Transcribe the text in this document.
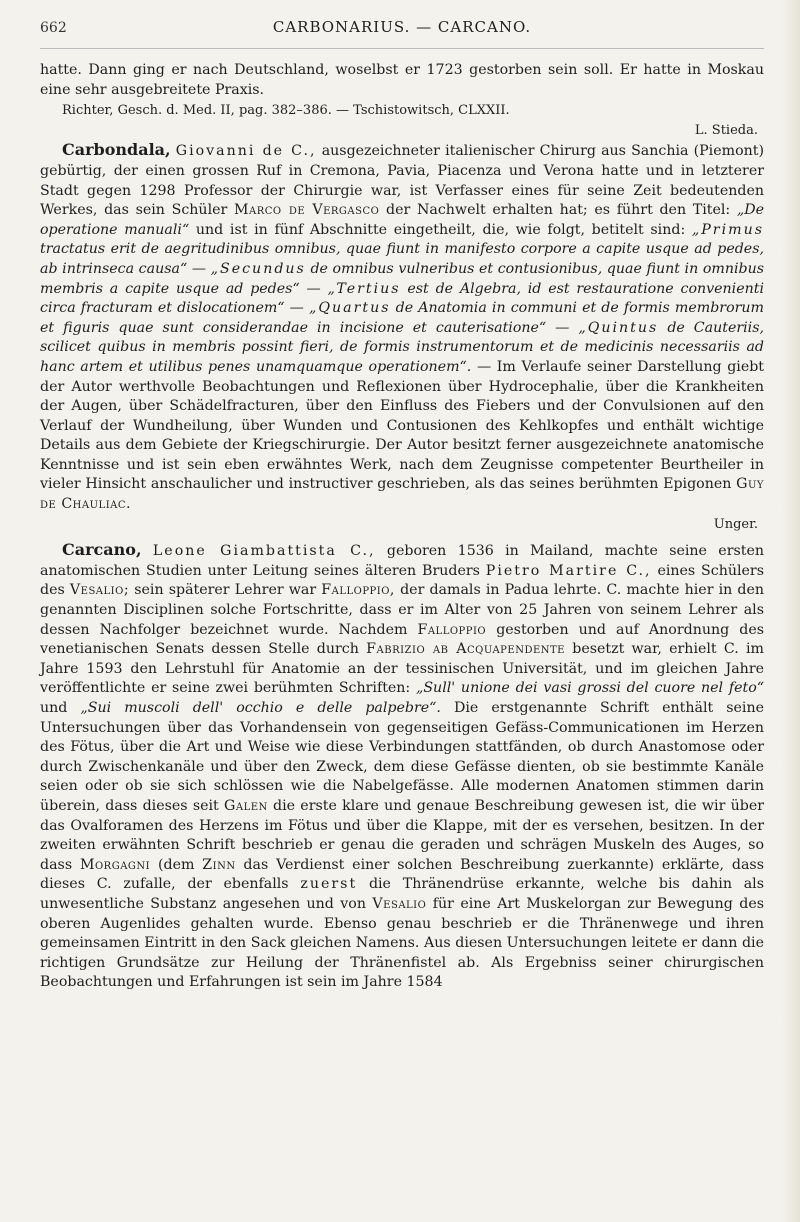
662	CARBONARIUS. — CARCANO.

hatte. Dann ging er nach Deutschland, woselbst er 1723 gestorben sein soll. Er hatte in Moskau eine sehr ausgebreitete Praxis.

Richter, Gesch. d. Med. II, pag. 382–386. — Tschistowitsch, CLXXII.

L. Stieda.

Carbondala, Giovanni de C., ausgezeichneter italienischer Chirurg aus Sanchia (Piemont) gebürtig, der einen grossen Ruf in Cremona, Pavia, Piacenza und Verona hatte und in letzterer Stadt gegen 1298 Professor der Chirurgie war, ist Verfasser eines für seine Zeit bedeutenden Werkes, das sein Schüler Marco de Vergasco der Nachwelt erhalten hat; es führt den Titel: „De operatione manuali“ und ist in fünf Abschnitte eingetheilt, die, wie folgt, betitelt sind: „Primus tractatus erit de aegritudinibus omnibus, quae fiunt in manifesto corpore a capite usque ad pedes, ab intrinseca causa“ — „Secundus de omnibus vulneribus et contusionibus, quae fiunt in omnibus membris a capite usque ad pedes“ — „Tertius est de Algebra, id est restauratione convenienti circa fracturam et dislocationem“ — „Quartus de Anatomia in communi et de formis membrorum et figuris quae sunt considerandae in incisione et cauterisatione“ — „Quintus de Cauteriis, scilicet quibus in membris possint fieri, de formis instrumentorum et de medicinis necessariis ad hanc artem et utilibus penes unamquamque operationem“. — Im Verlaufe seiner Darstellung giebt der Autor werthvolle Beobachtungen und Reflexionen über Hydrocephalie, über die Krankheiten der Augen, über Schädelfracturen, über den Einfluss des Fiebers und der Convulsionen auf den Verlauf der Wundheilung, über Wunden und Contusionen des Kehlkopfes und enthält wichtige Details aus dem Gebiete der Kriegschirurgie. Der Autor besitzt ferner ausgezeichnete anatomische Kenntnisse und ist sein eben erwähntes Werk, nach dem Zeugnisse competenter Beurtheiler in vieler Hinsicht anschaulicher und instructiver geschrieben, als das seines berühmten Epigonen Guy de Chauliac.

Unger.

Carcano, Leone Giambattista C., geboren 1536 in Mailand, machte seine ersten anatomischen Studien unter Leitung seines älteren Bruders Pietro Martire C., eines Schülers des Vesalio; sein späterer Lehrer war Falloppio, der damals in Padua lehrte. C. machte hier in den genannten Disciplinen solche Fortschritte, dass er im Alter von 25 Jahren von seinem Lehrer als dessen Nachfolger bezeichnet wurde. Nachdem Falloppio gestorben und auf Anordnung des venetianischen Senats dessen Stelle durch Fabrizio ab Acquapendente besetzt war, erhielt C. im Jahre 1593 den Lehrstuhl für Anatomie an der tessinischen Universität, und im gleichen Jahre veröffentlichte er seine zwei berühmten Schriften: „Sull' unione dei vasi grossi del cuore nel feto“ und „Sui muscoli dell' occhio e delle palpebre“. Die erstgenannte Schrift enthält seine Untersuchungen über das Vorhandensein von gegenseitigen Gefäss-Communicationen im Herzen des Fötus, über die Art und Weise wie diese Verbindungen stattfänden, ob durch Anastomose oder durch Zwischenkanäle und über den Zweck, dem diese Gefässe dienten, ob sie bestimmte Kanäle seien oder ob sie sich schlössen wie die Nabelgefässe. Alle modernen Anatomen stimmen darin überein, dass dieses seit Galen die erste klare und genaue Beschreibung gewesen ist, die wir über das Ovalforamen des Herzens im Fötus und über die Klappe, mit der es versehen, besitzen. In der zweiten erwähnten Schrift beschrieb er genau die geraden und schrägen Muskeln des Auges, so dass Morgagni (dem Zinn das Verdienst einer solchen Beschreibung zuerkannte) erklärte, dass dieses C. zufalle, der ebenfalls zuerst die Thränendrüse erkannte, welche bis dahin als unwesentliche Substanz angesehen und von Vesalio für eine Art Muskelorgan zur Bewegung des oberen Augenlides gehalten wurde. Ebenso genau beschrieb er die Thränenwege und ihren gemeinsamen Eintritt in den Sack gleichen Namens. Aus diesen Untersuchungen leitete er dann die richtigen Grundsätze zur Heilung der Thränenfistel ab. Als Ergebniss seiner chirurgischen Beobachtungen und Erfahrungen ist sein im Jahre 1584
